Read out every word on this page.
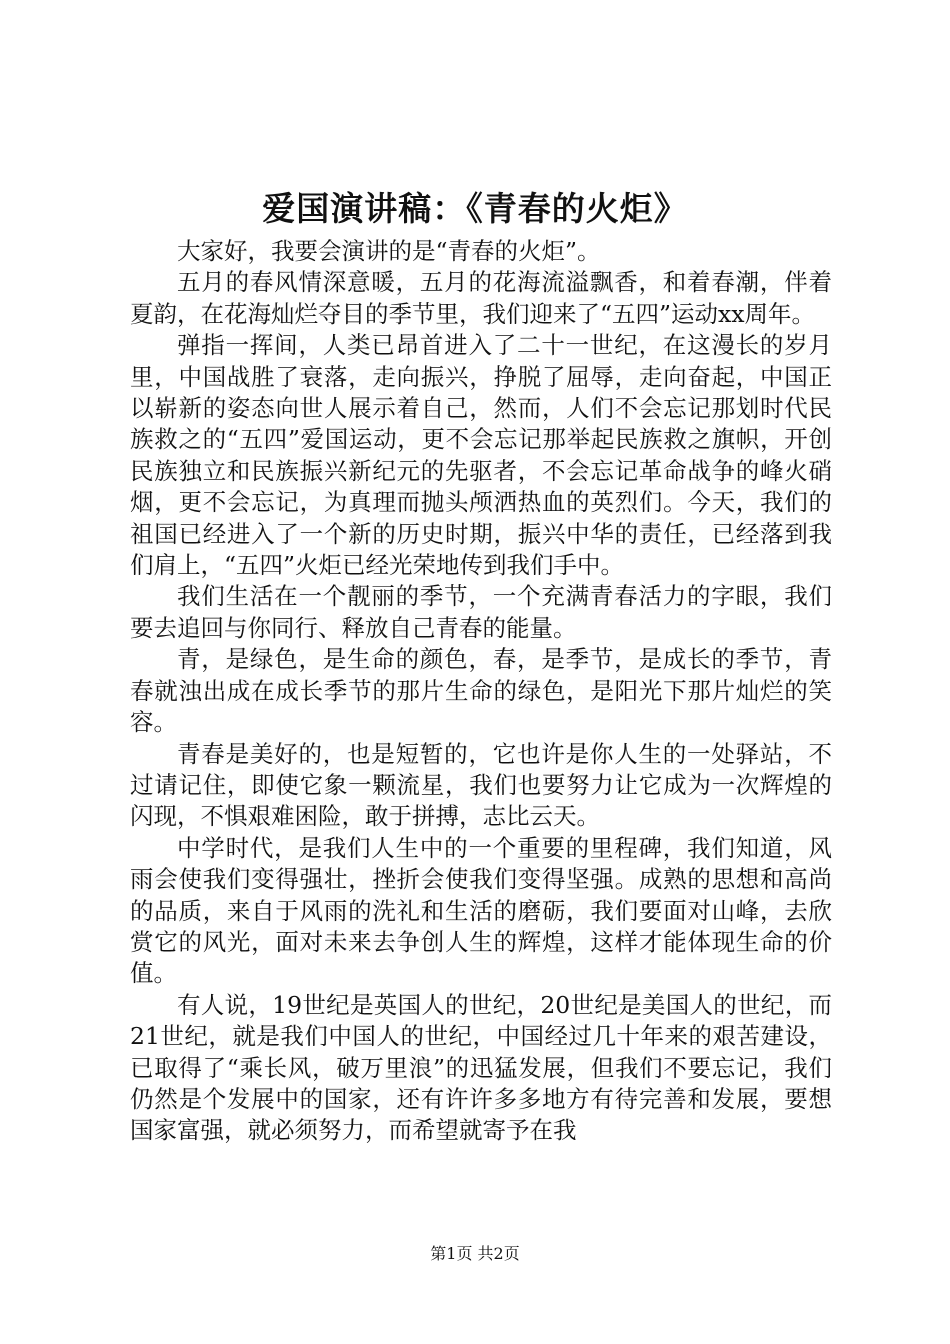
爱国演讲稿：《青春的火炬》

大家好，我要会演讲的是“青春的火炬”。

五月的春风情深意暖，五月的花海流溢飘香，和着春潮，伴着夏韵，在花海灿烂夺目的季节里，我们迎来了“五四”运动xx周年。

弹指一挥间，人类已昂首进入了二十一世纪，在这漫长的岁月里，中国战胜了衰落，走向振兴，挣脱了屈辱，走向奋起，中国正以崭新的姿态向世人展示着自己，然而，人们不会忘记那划时代民族救之的“五四”爱国运动，更不会忘记那举起民族救之旗帜，开创民族独立和民族振兴新纪元的先驱者，不会忘记革命战争的峰火硝烟，更不会忘记，为真理而抛头颅洒热血的英烈们。今天，我们的祖国已经进入了一个新的历史时期，振兴中华的责任，已经落到我们肩上，“五四”火炬已经光荣地传到我们手中。

我们生活在一个靓丽的季节，一个充满青春活力的字眼，我们要去追回与你同行、释放自己青春的能量。

青，是绿色，是生命的颜色，春，是季节，是成长的季节，青春就浊出成在成长季节的那片生命的绿色，是阳光下那片灿烂的笑容。

青春是美好的，也是短暂的，它也许是你人生的一处驿站，不过请记住，即使它象一颗流星，我们也要努力让它成为一次辉煌的闪现，不惧艰难困险，敢于拼搏，志比云天。

中学时代，是我们人生中的一个重要的里程碑，我们知道，风雨会使我们变得强壮，挫折会使我们变得坚强。成熟的思想和高尚的品质，来自于风雨的洗礼和生活的磨砺，我们要面对山峰，去欣赏它的风光，面对未来去争创人生的辉煌，这样才能体现生命的价值。

有人说，19世纪是英国人的世纪，20世纪是美国人的世纪，而21世纪，就是我们中国人的世纪，中国经过几十年来的艰苦建设，已取得了“乘长风，破万里浪”的迅猛发展，但我们不要忘记，我们仍然是个发展中的国家，还有许许多多地方有待完善和发展，要想国家富强，就必须努力，而希望就寄予在我

第1页 共2页
